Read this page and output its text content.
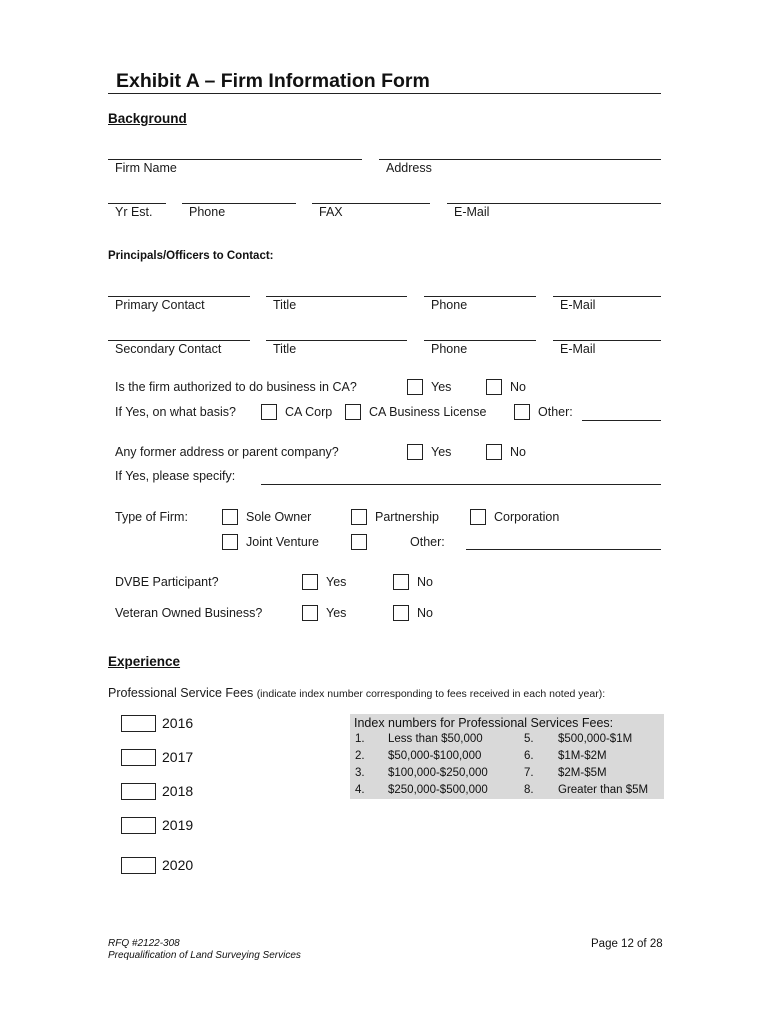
Exhibit A – Firm Information Form
Background
Firm Name	Address
Yr Est.	Phone	FAX	E-Mail
Principals/Officers to Contact:
Primary Contact	Title	Phone	E-Mail
Secondary Contact	Title	Phone	E-Mail
Is the firm authorized to do business in CA?	Yes	No
If Yes, on what basis?	CA Corp	CA Business License	Other:
Any former address or parent company?	Yes	No
If Yes, please specify:
Type of Firm:	Sole Owner	Partnership	Corporation
Joint Venture	Other:
DVBE Participant?	Yes	No
Veteran Owned Business?	Yes	No
Experience
Professional Service Fees (indicate index number corresponding to fees received in each noted year):
2016
2017
2018
2019
2020
Index numbers for Professional Services Fees:
1. Less than $50,000	5. $500,000-$1M
2. $50,000-$100,000	6. $1M-$2M
3. $100,000-$250,000	7. $2M-$5M
4. $250,000-$500,000	8. Greater than $5M
RFQ #2122-308
Prequalification of Land Surveying Services
Page 12 of 28
